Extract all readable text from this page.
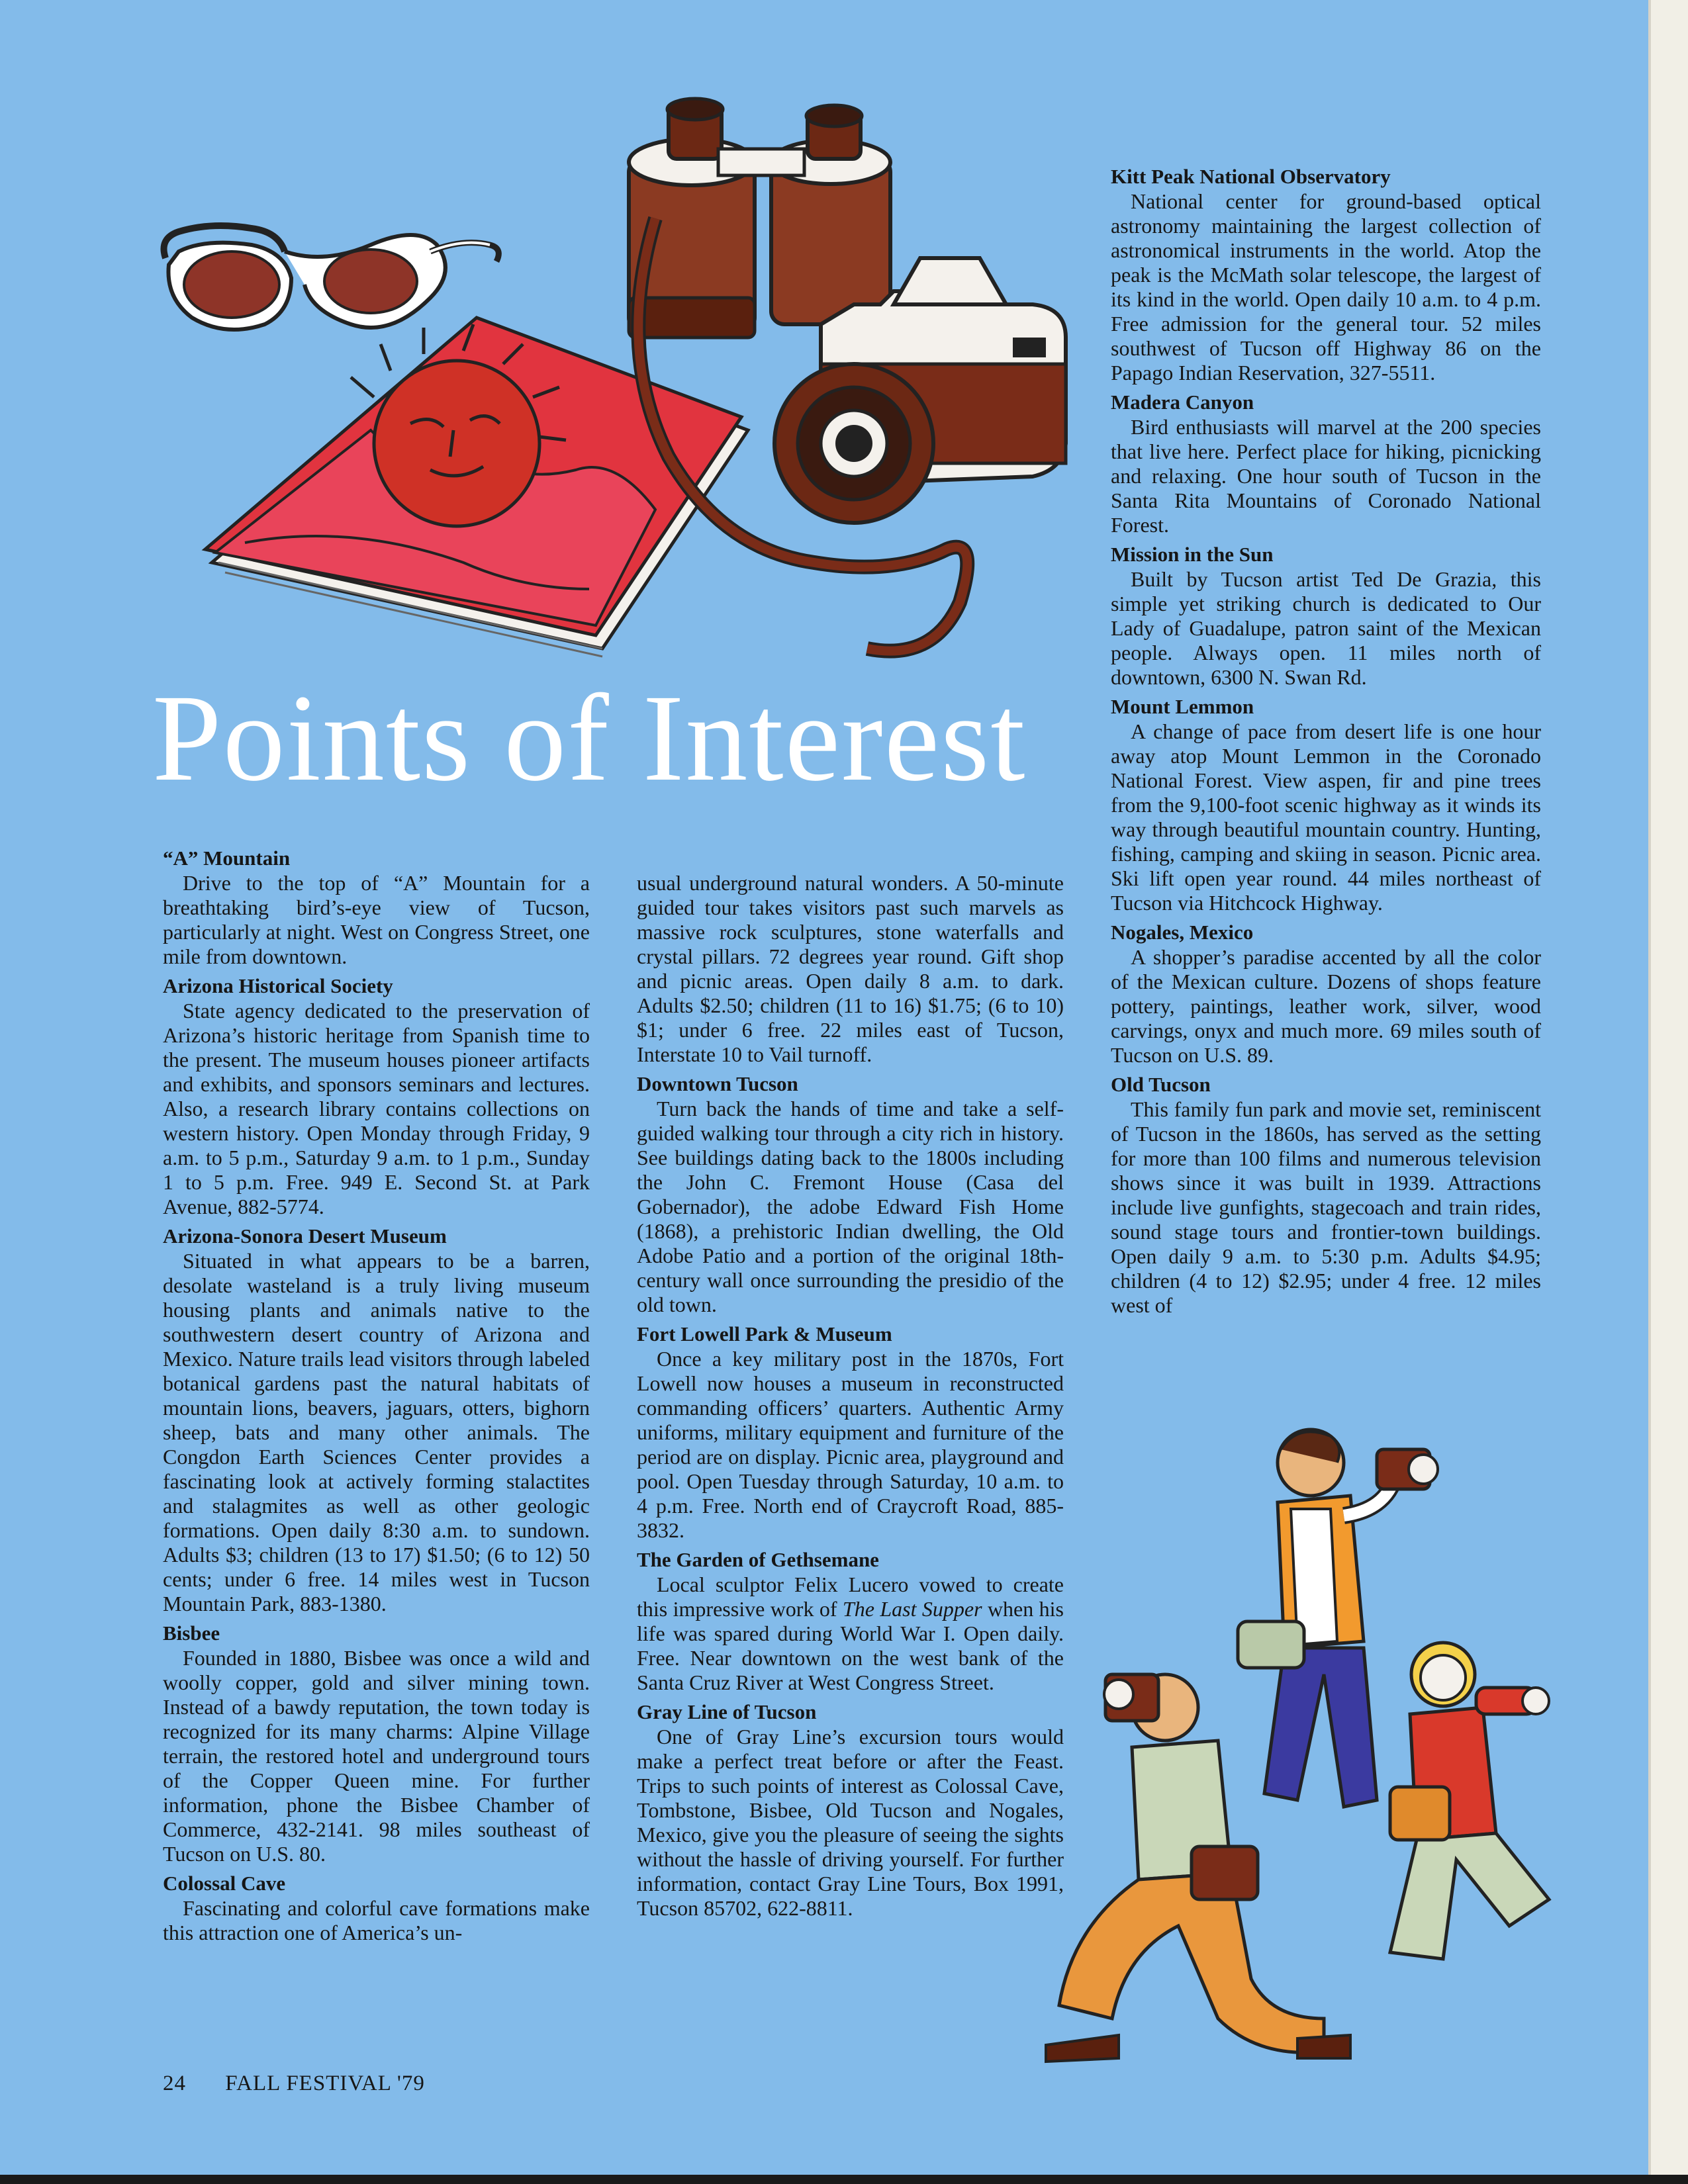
Points of Interest
“A” Mountain

Drive to the top of “A” Mountain for a breathtaking bird’s-eye view of Tucson, particularly at night. West on Congress Street, one mile from downtown.

Arizona Historical Society

State agency dedicated to the preservation of Arizona’s historic heritage from Spanish time to the present. The museum houses pioneer artifacts and exhibits, and sponsors seminars and lectures. Also, a research library contains collections on western history. Open Monday through Friday, 9 a.m. to 5 p.m., Saturday 9 a.m. to 1 p.m., Sunday 1 to 5 p.m. Free. 949 E. Second St. at Park Avenue, 882-5774.

Arizona-Sonora Desert Museum

Situated in what appears to be a barren, desolate wasteland is a truly living museum housing plants and animals native to the southwestern desert country of Arizona and Mexico. Nature trails lead visitors through labeled botanical gardens past the natural habitats of mountain lions, beavers, jaguars, otters, bighorn sheep, bats and many other animals. The Congdon Earth Sciences Center provides a fascinating look at actively forming stalactites and stalagmites as well as other geologic formations. Open daily 8:30 a.m. to sundown. Adults $3; children (13 to 17) $1.50; (6 to 12) 50 cents; under 6 free. 14 miles west in Tucson Mountain Park, 883-1380.

Bisbee

Founded in 1880, Bisbee was once a wild and woolly copper, gold and silver mining town. Instead of a bawdy reputation, the town today is recognized for its many charms: Alpine Village terrain, the restored hotel and underground tours of the Copper Queen mine. For further information, phone the Bisbee Chamber of Commerce, 432-2141. 98 miles southeast of Tucson on U.S. 80.

Colossal Cave

Fascinating and colorful cave formations make this attraction one of America’s un-

usual underground natural wonders. A 50-minute guided tour takes visitors past such marvels as massive rock sculptures, stone waterfalls and crystal pillars. 72 degrees year round. Gift shop and picnic areas. Open daily 8 a.m. to dark. Adults $2.50; children (11 to 16) $1.75; (6 to 10) $1; under 6 free. 22 miles east of Tucson, Interstate 10 to Vail turnoff.

Downtown Tucson

Turn back the hands of time and take a self-guided walking tour through a city rich in history. See buildings dating back to the 1800s including the John C. Fremont House (Casa del Gobernador), the adobe Edward Fish Home (1868), a prehistoric Indian dwelling, the Old Adobe Patio and a portion of the original 18th-century wall once surrounding the presidio of the old town.

Fort Lowell Park & Museum

Once a key military post in the 1870s, Fort Lowell now houses a museum in reconstructed commanding officers’ quarters. Authentic Army uniforms, military equipment and furniture of the period are on display. Picnic area, playground and pool. Open Tuesday through Saturday, 10 a.m. to 4 p.m. Free. North end of Craycroft Road, 885-3832.

The Garden of Gethsemane

Local sculptor Felix Lucero vowed to create this impressive work of The Last Supper when his life was spared during World War I. Open daily. Free. Near downtown on the west bank of the Santa Cruz River at West Congress Street.

Gray Line of Tucson

One of Gray Line’s excursion tours would make a perfect treat before or after the Feast. Trips to such points of interest as Colossal Cave, Tombstone, Bisbee, Old Tucson and Nogales, Mexico, give you the pleasure of seeing the sights without the hassle of driving yourself. For further information, contact Gray Line Tours, Box 1991, Tucson 85702, 622-8811.

Kitt Peak National Observatory

National center for ground-based optical astronomy maintaining the largest collection of astronomical instruments in the world. Atop the peak is the McMath solar telescope, the largest of its kind in the world. Open daily 10 a.m. to 4 p.m. Free admission for the general tour. 52 miles southwest of Tucson off Highway 86 on the Papago Indian Reservation, 327-5511.

Madera Canyon

Bird enthusiasts will marvel at the 200 species that live here. Perfect place for hiking, picnicking and relaxing. One hour south of Tucson in the Santa Rita Mountains of Coronado National Forest.

Mission in the Sun

Built by Tucson artist Ted De Grazia, this simple yet striking church is dedicated to Our Lady of Guadalupe, patron saint of the Mexican people. Always open. 11 miles north of downtown, 6300 N. Swan Rd.

Mount Lemmon

A change of pace from desert life is one hour away atop Mount Lemmon in the Coronado National Forest. View aspen, fir and pine trees from the 9,100-foot scenic highway as it winds its way through beautiful mountain country. Hunting, fishing, camping and skiing in season. Picnic area. Ski lift open year round. 44 miles northeast of Tucson via Hitchcock Highway.

Nogales, Mexico

A shopper’s paradise accented by all the color of the Mexican culture. Dozens of shops feature pottery, paintings, leather work, silver, wood carvings, onyx and much more. 69 miles south of Tucson on U.S. 89.

Old Tucson

This family fun park and movie set, reminiscent of Tucson in the 1860s, has served as the setting for more than 100 films and numerous television shows since it was built in 1939. Attractions include live gunfights, stagecoach and train rides, sound stage tours and frontier-town buildings. Open daily 9 a.m. to 5:30 p.m. Adults $4.95; children (4 to 12) $2.95; under 4 free. 12 miles west of

24 FALL FESTIVAL '79
